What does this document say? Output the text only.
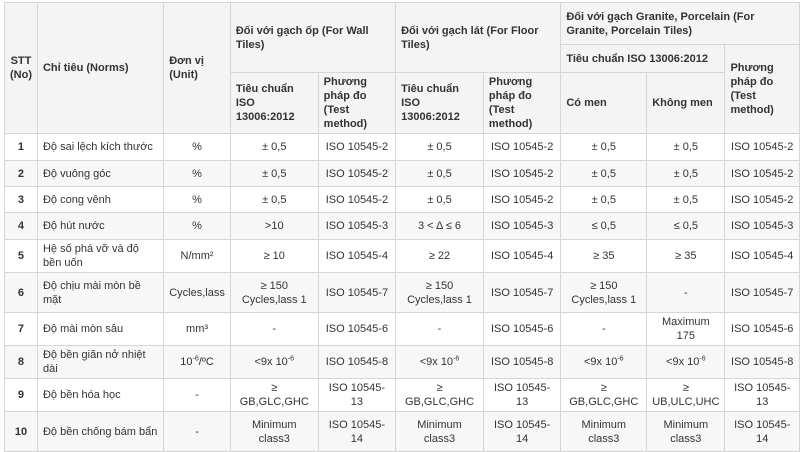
STT (No)	Chỉ tiêu (Norms)	Đơn vị (Unit)	Đối với gạch ốp (For Wall Tiles)		Đối với gạch lát (For Floor Tiles)		Đối với gạch Granite, Porcelain (For Granite, Porcelain Tiles)		
							Tiêu chuẩn ISO 13006:2012		Phương pháp đo (Test method)
			Tiêu chuẩn ISO 13006:2012	Phương pháp đo (Test method)	Tiêu chuẩn ISO 13006:2012	Phương pháp đo (Test method)	Có men	Không men	
1	Độ sai lệch kích thước	%	± 0,5	ISO 10545-2	± 0,5	ISO 10545-2	± 0,5	± 0,5	ISO 10545-2
2	Độ vuông góc	%	± 0,5	ISO 10545-2	± 0,5	ISO 10545-2	± 0,5	± 0,5	ISO 10545-2
3	Độ cong vênh	%	± 0,5	ISO 10545-2	± 0,5	ISO 10545-2	± 0,5	± 0,5	ISO 10545-2
4	Độ hút nước	%	>10	ISO 10545-3	3 < Δ ≤ 6	ISO 10545-3	≤ 0,5	≤ 0,5	ISO 10545-3
5	Hệ số phá vỡ và độ bền uốn	N/mm²	≥ 10	ISO 10545-4	≥ 22	ISO 10545-4	≥ 35	≥ 35	ISO 10545-4
6	Độ chịu mài mòn bề mặt	Cycles,lass	≥ 150 Cycles,lass 1	ISO 10545-7	≥ 150 Cycles,lass 1	ISO 10545-7	≥ 150 Cycles,lass 1	-	ISO 10545-7
7	Độ mài mòn sâu	mm³	-	ISO 10545-6	-	ISO 10545-6	-	Maximum 175	ISO 10545-6
8	Độ bền giãn nở nhiệt dài	$10^{-6}/ºC$	<9x $10^{-6}$	ISO 10545-8	<9x $10^{-6}$	ISO 10545-8	<9x $10^{-6}$	<9x $10^{-6}$	ISO 10545-8
9	Độ bền hóa học	-	≥ GB,GLC,GHC	ISO 10545-13	≥ GB,GLC,GHC	ISO 10545-13	≥ GB,GLC,GHC	≥ UB,ULC,UHC	ISO 10545-13
10	Độ bền chống bám bẩn	-	Minimum class3	ISO 10545-14	Minimum class3	ISO 10545-14	Minimum class3	Minimum class3	ISO 10545-14
